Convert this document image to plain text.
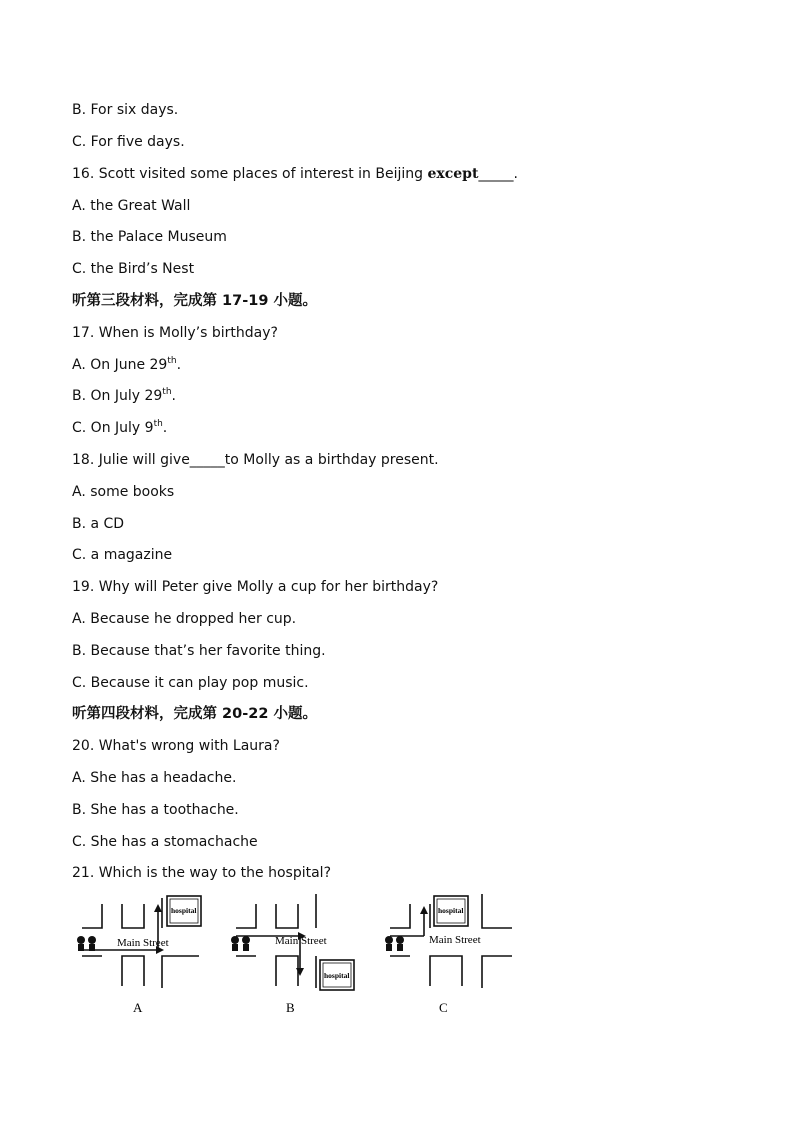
B. For six days.
C. For five days.
16. Scott visited some places of interest in Beijing except_____.
A. the Great Wall
B. the Palace Museum
C. the Bird’s Nest
听第三段材料，完成第 17-19 小题。
17. When is Molly’s birthday?
A. On June 29th.
B. On July 29th.
C. On July 9th.
18. Julie will give_____to Molly as a birthday present.
A. some books
B. a CD
C. a magazine
19. Why will Peter give Molly a cup for her birthday?
A. Because he dropped her cup.
B. Because that’s her favorite thing.
C. Because it can play pop music.
听第四段材料，完成第 20-22 小题。
20. What's wrong with Laura?
A. She has a headache.
B. She has a toothache.
C. She has a stomachache
21. Which is the way to the hospital?
Main Street
hospital
A
Main Street
hospital
B
Main Street
hospital
C
